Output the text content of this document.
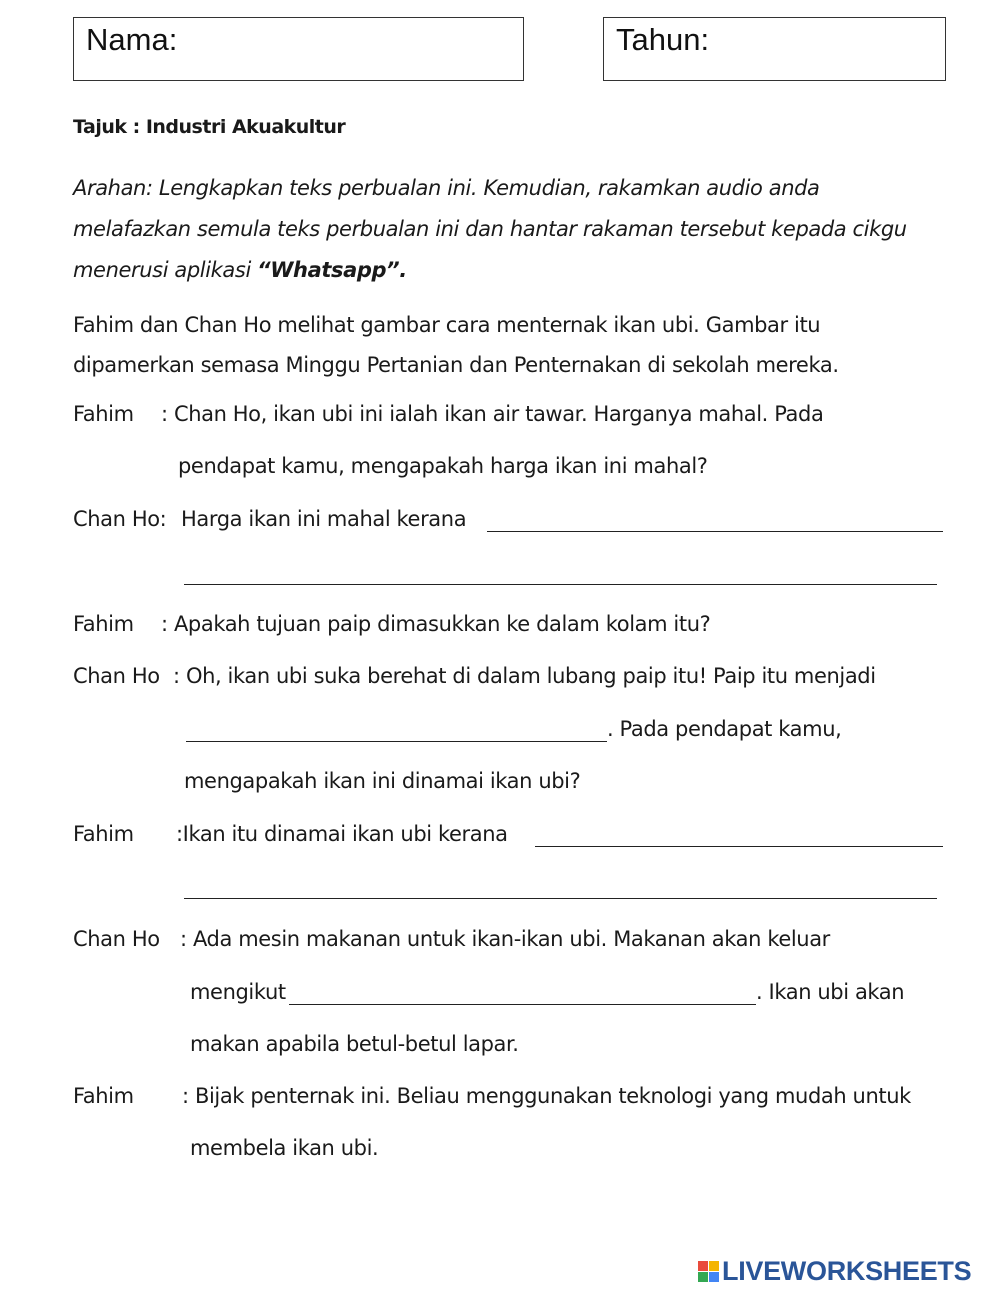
Nama:	Tahun:
Tajuk : Industri Akuakultur
Arahan: Lengkapkan teks perbualan ini. Kemudian, rakamkan audio anda
melafazkan semula teks perbualan ini dan hantar rakaman tersebut kepada cikgu
menerusi aplikasi “Whatsapp”.
Fahim dan Chan Ho melihat gambar cara menternak ikan ubi. Gambar itu
dipamerkan semasa Minggu Pertanian dan Penternakan di sekolah mereka.
Fahim : Chan Ho, ikan ubi ini ialah ikan air tawar. Harganya mahal. Pada
pendapat kamu, mengapakah harga ikan ini mahal?
Chan Ho: Harga ikan ini mahal kerana
Fahim : Apakah tujuan paip dimasukkan ke dalam kolam itu?
Chan Ho : Oh, ikan ubi suka berehat di dalam lubang paip itu! Paip itu menjadi
. Pada pendapat kamu,
mengapakah ikan ini dinamai ikan ubi?
Fahim :Ikan itu dinamai ikan ubi kerana
Chan Ho : Ada mesin makanan untuk ikan-ikan ubi. Makanan akan keluar
mengikut	. Ikan ubi akan
makan apabila betul-betul lapar.
Fahim : Bijak penternak ini. Beliau menggunakan teknologi yang mudah untuk
membela ikan ubi.
LIVEWORKSHEETS
